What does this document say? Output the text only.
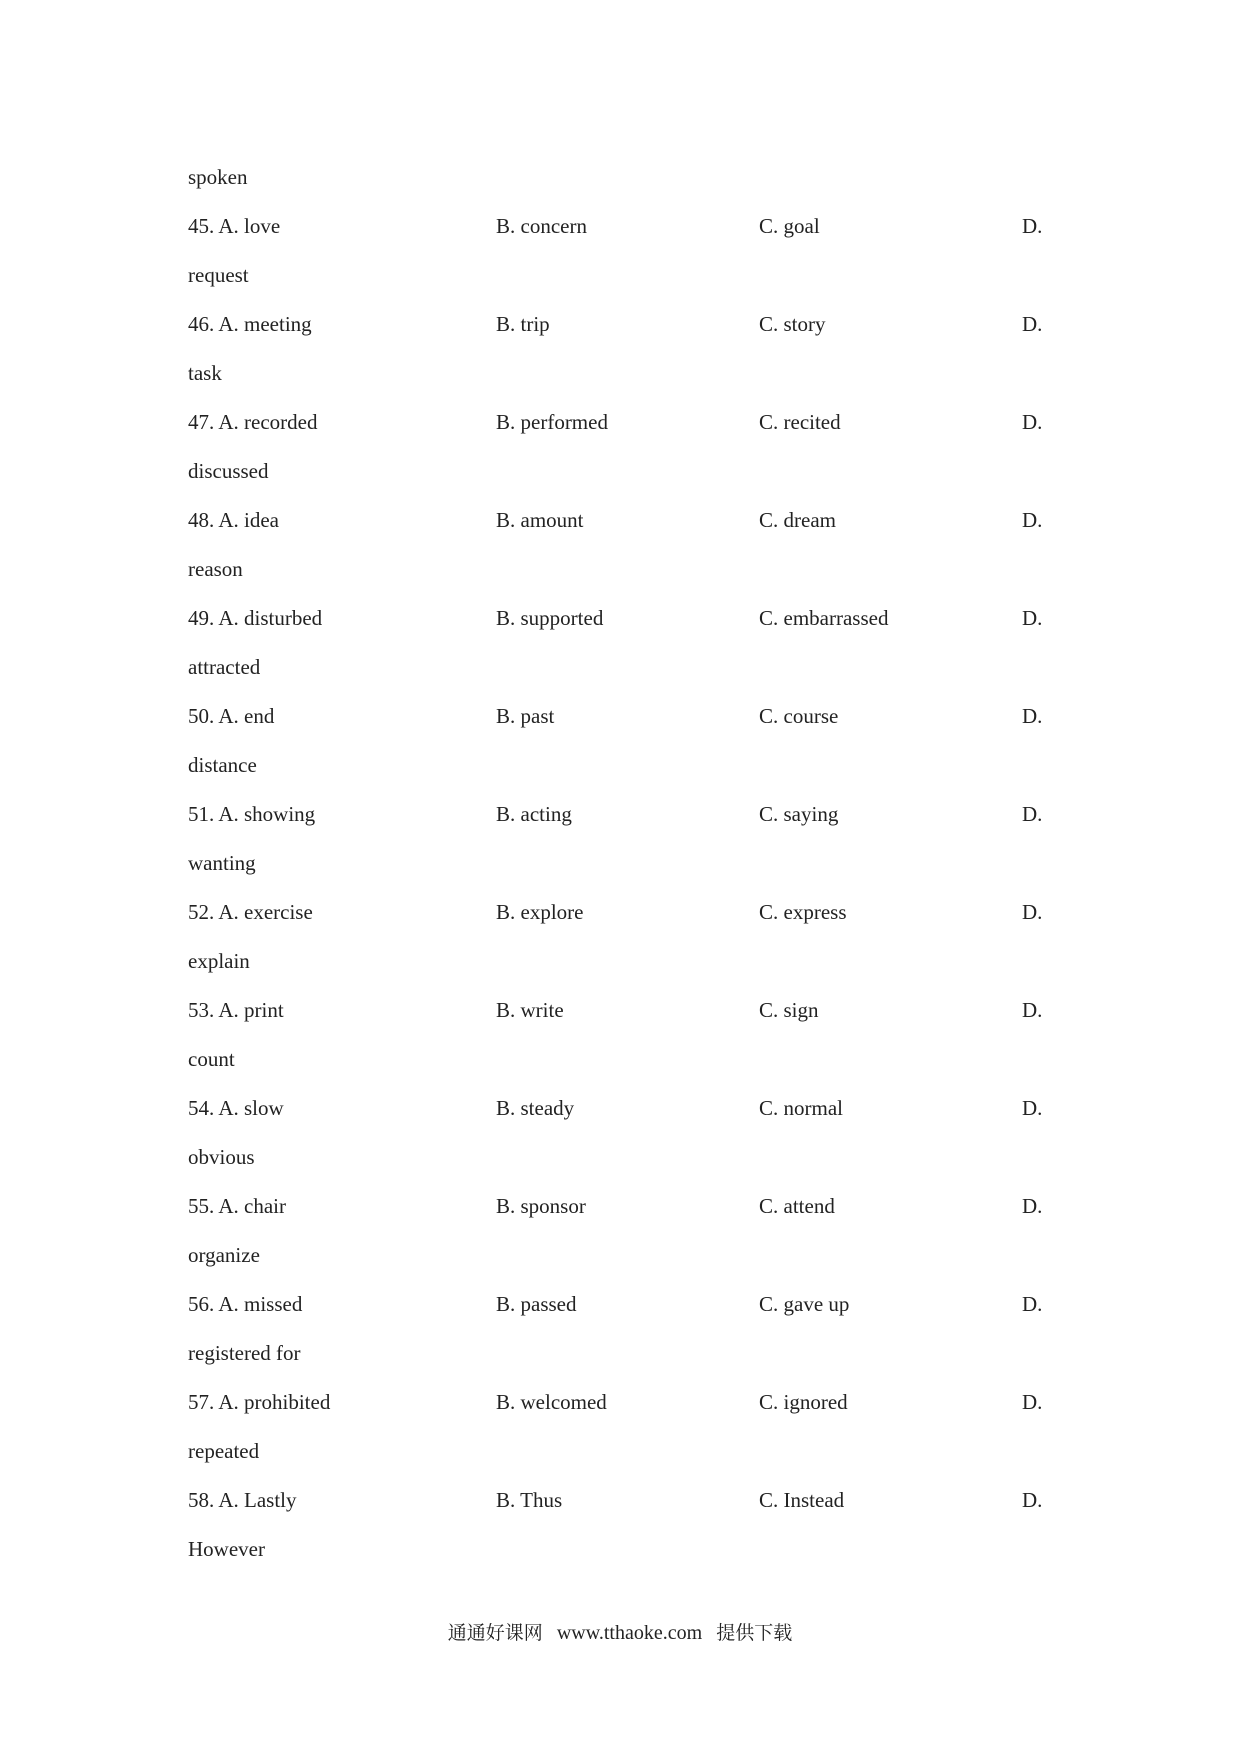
spoken
45. A. love	B. concern	C. goal	D.
request
46. A. meeting	B. trip	C. story	D.
task
47. A. recorded	B. performed	C. recited	D.
discussed
48. A. idea	B. amount	C. dream	D.
reason
49. A. disturbed	B. supported	C. embarrassed	D.
attracted
50. A. end	B. past	C. course	D.
distance
51. A. showing	B. acting	C. saying	D.
wanting
52. A. exercise	B. explore	C. express	D.
explain
53. A. print	B. write	C. sign	D.
count
54. A. slow	B. steady	C. normal	D.
obvious
55. A. chair	B. sponsor	C. attend	D.
organize
56. A. missed	B. passed	C. gave up	D.
registered for
57. A. prohibited	B. welcomed	C. ignored	D.
repeated
58. A. Lastly	B. Thus	C. Instead	D.
However
通通好课网 www.tthaoke.com 提供下载
